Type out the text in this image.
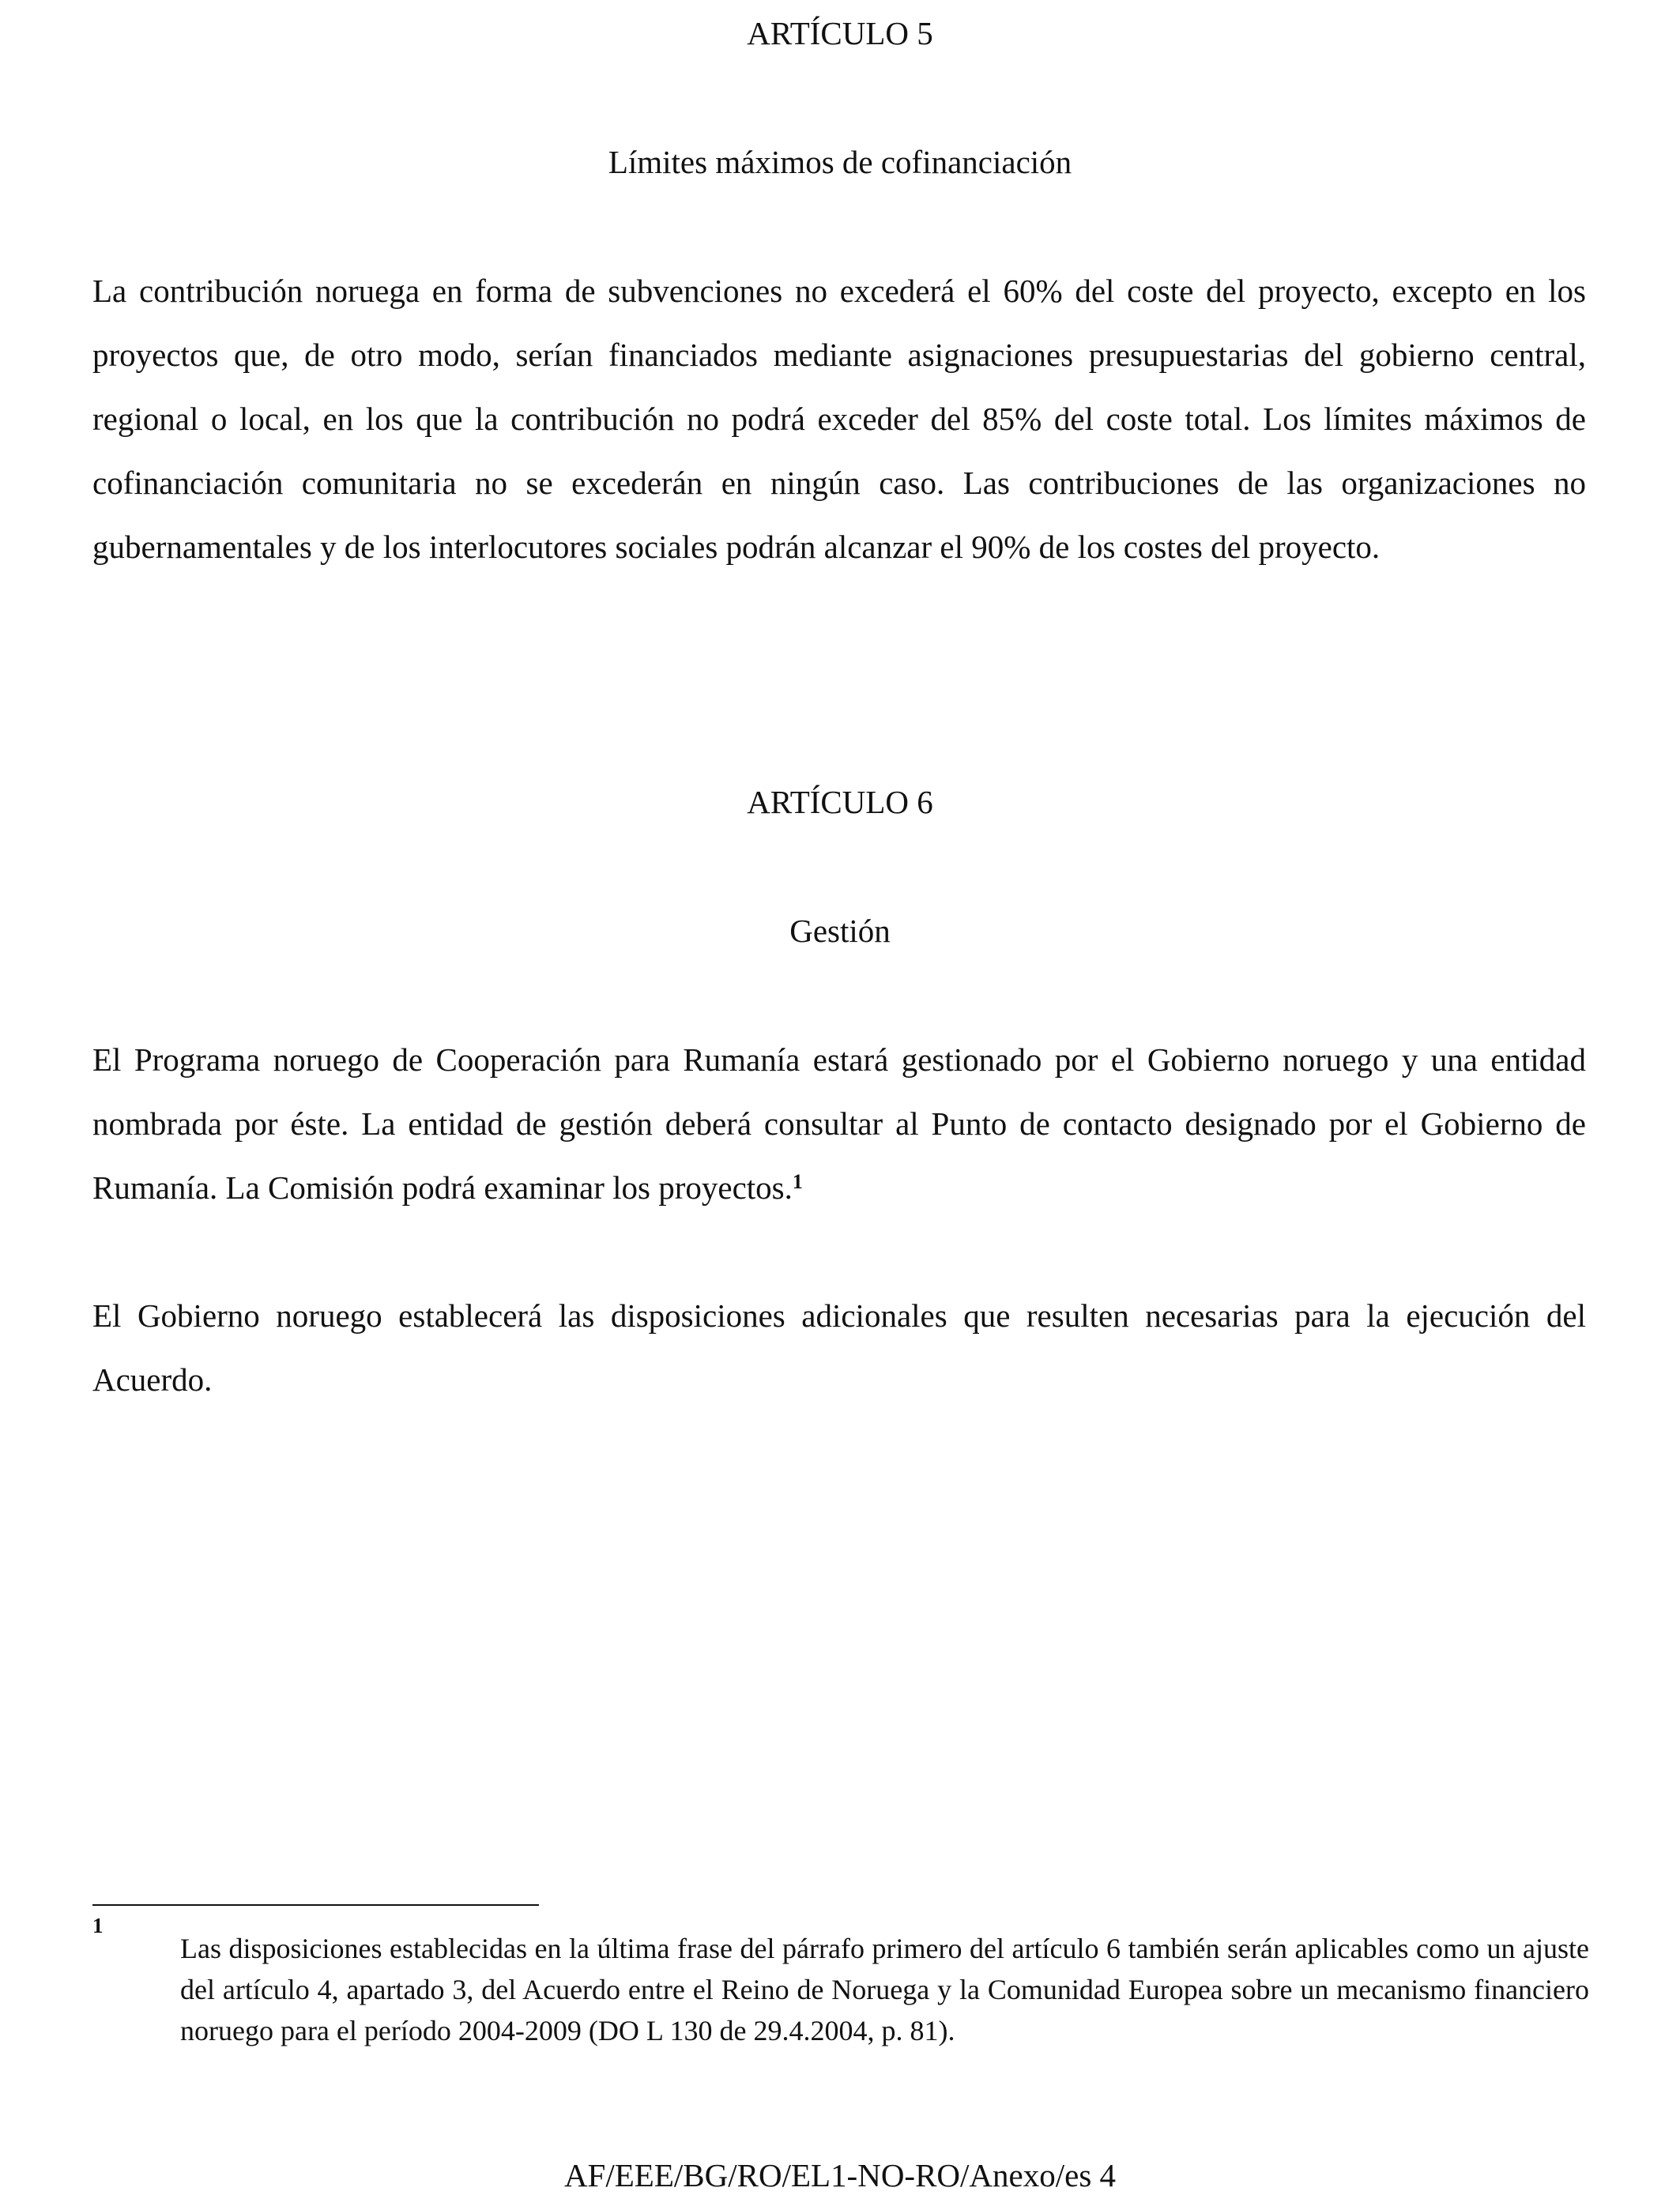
ARTÍCULO 5
Límites máximos de cofinanciación

La contribución noruega en forma de subvenciones no excederá el 60% del coste del proyecto, excepto en los proyectos que, de otro modo, serían financiados mediante asignaciones presupuestarias del gobierno central, regional o local, en los que la contribución no podrá exceder del 85% del coste total. Los límites máximos de cofinanciación comunitaria no se excederán en ningún caso. Las contribuciones de las organizaciones no gubernamentales y de los interlocutores sociales podrán alcanzar el 90% de los costes del proyecto.

ARTÍCULO 6
Gestión

El Programa noruego de Cooperación para Rumanía estará gestionado por el Gobierno noruego y una entidad nombrada por éste. La entidad de gestión deberá consultar al Punto de contacto designado por el Gobierno de Rumanía. La Comisión podrá examinar los proyectos.$^1$

El Gobierno noruego establecerá las disposiciones adicionales que resulten necesarias para la ejecución del Acuerdo.

1

Las disposiciones establecidas en la última frase del párrafo primero del artículo 6 también serán aplicables como un ajuste del artículo 4, apartado 3, del Acuerdo entre el Reino de Noruega y la Comunidad Europea sobre un mecanismo financiero noruego para el período 2004-2009 (DO L 130 de 29.4.2004, p. 81).

AF/EEE/BG/RO/EL1-NO-RO/Anexo/es 4
